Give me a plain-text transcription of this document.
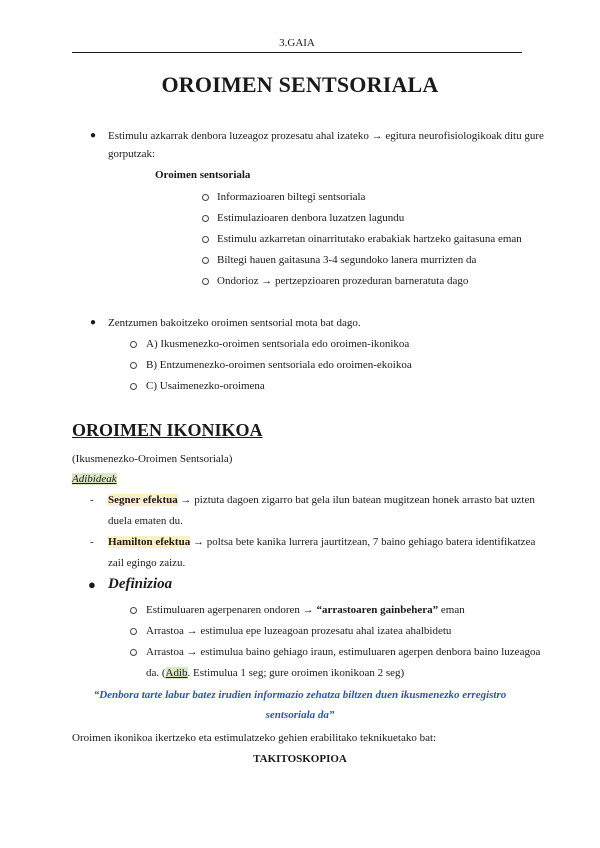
3.GAIA
OROIMEN SENTSORIALA
● Estimulu azkarrak denbora luzeagoz prozesatu ahal izateko → egitura neurofisiologikoak ditu gure
gorputzak:
Oroimen sentsoriala
Informazioaren biltegi sentsoriala
Estimulazioaren denbora luzatzen lagundu
Estimulu azkarretan oinarritutako erabakiak hartzeko gaitasuna eman
Biltegi hauen gaitasuna 3-4 segundoko lanera murrizten da
Ondorioz → pertzepzioaren prozeduran barneratuta dago
● Zentzumen bakoitzeko oroimen sentsorial mota bat dago.
A) Ikusmenezko-oroimen sentsoriala edo oroimen-ikonikoa
B) Entzumenezko-oroimen sentsoriala edo oroimen-ekoikoa
C) Usaimenezko-oroimena
OROIMEN IKONIKOA
(Ikusmenezko-Oroimen Sentsoriala)
Adibideak
- Segner efektua → piztuta dagoen zigarro bat gela ilun batean mugitzean honek arrasto bat uzten
duela ematen du.
- Hamilton efektua → poltsa bete kanika lurrera jaurtitzean, 7 baino gehiago batera identifikatzea
zail egingo zaizu.
● Definizioa
Estimuluaren agerpenaren ondoren → “arrastoaren gainbehera” eman
Arrastoa → estimulua epe luzeagoan prozesatu ahal izatea ahalbidetu
Arrastoa → estimulua baino gehiago iraun, estimuluaren agerpen denbora baino luzeagoa
da. (Adib. Estimulua 1 seg; gure oroimen ikonikoan 2 seg)
“Denbora tarte labur batez irudien informazio zehatza biltzen duen ikusmenezko erregistro
sentsoriala da”
Oroimen ikonikoa ikertzeko eta estimulatzeko gehien erabilitako teknikuetako bat:
TAKITOSKOPIOA
